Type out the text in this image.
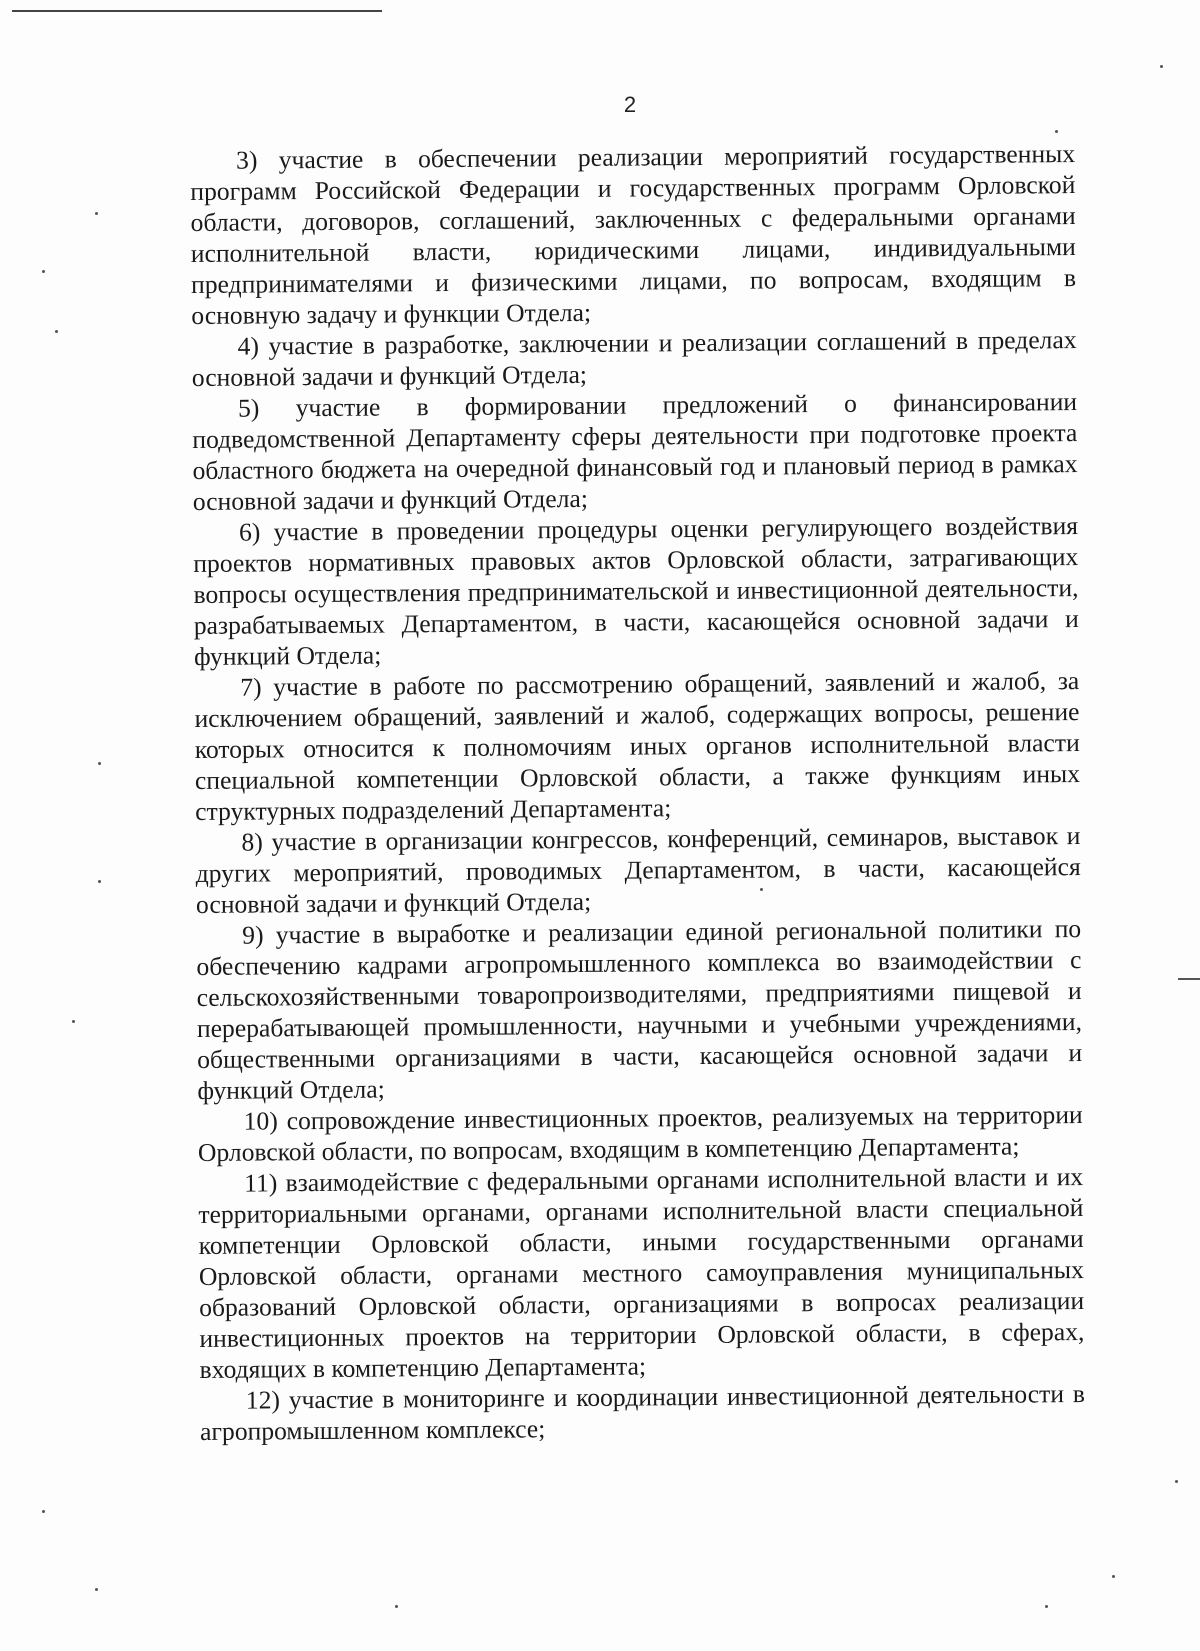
2

3) участие в обеспечении реализации мероприятий государственных программ Российской Федерации и государственных программ Орловской области, договоров, соглашений, заключенных с федеральными органами исполнительной власти, юридическими лицами, индивидуальными предпринимателями и физическими лицами, по вопросам, входящим в основную задачу и функции Отдела;

4) участие в разработке, заключении и реализации соглашений в пределах основной задачи и функций Отдела;

5) участие в формировании предложений о финансировании подведомственной Департаменту сферы деятельности при подготовке проекта областного бюджета на очередной финансовый год и плановый период в рамках основной задачи и функций Отдела;

6) участие в проведении процедуры оценки регулирующего воздействия проектов нормативных правовых актов Орловской области, затрагивающих вопросы осуществления предпринимательской и инвестиционной деятельности, разрабатываемых Департаментом, в части, касающейся основной задачи и функций Отдела;

7) участие в работе по рассмотрению обращений, заявлений и жалоб, за исключением обращений, заявлений и жалоб, содержащих вопросы, решение которых относится к полномочиям иных органов исполнительной власти специальной компетенции Орловской области, а также функциям иных структурных подразделений Департамента;

8) участие в организации конгрессов, конференций, семинаров, выставок и других мероприятий, проводимых Департаментом, в части, касающейся основной задачи и функций Отдела;

9) участие в выработке и реализации единой региональной политики по обеспечению кадрами агропромышленного комплекса во взаимодействии с сельскохозяйственными товаропроизводителями, предприятиями пищевой и перерабатывающей промышленности, научными и учебными учреждениями, общественными организациями в части, касающейся основной задачи и функций Отдела;

10) сопровождение инвестиционных проектов, реализуемых на территории Орловской области, по вопросам, входящим в компетенцию Департамента;

11) взаимодействие с федеральными органами исполнительной власти и их территориальными органами, органами исполнительной власти специальной компетенции Орловской области, иными государственными органами Орловской области, органами местного самоуправления муниципальных образований Орловской области, организациями в вопросах реализации инвестиционных проектов на территории Орловской области, в сферах, входящих в компетенцию Департамента;

12) участие в мониторинге и координации инвестиционной деятельности в агропромышленном комплексе;
